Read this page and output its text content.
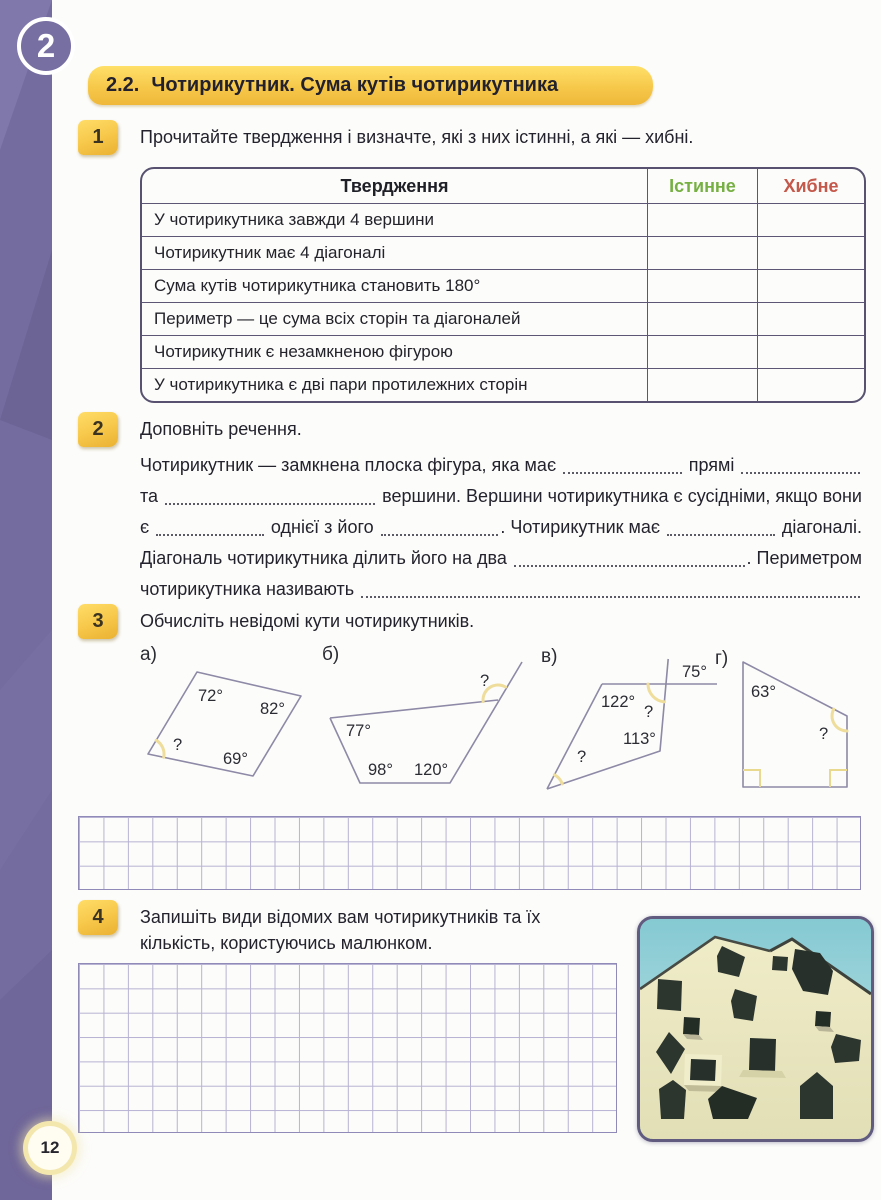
2
2.2. Чотирикутник. Сума кутів чотирикутника
1 Прочитайте твердження і визначте, які з них істинні, а які — хибні.
Твердження	Істинне	Хибне
У чотирикутника завжди 4 вершини		
Чотирикутник має 4 діагоналі		
Сума кутів чотирикутника становить 180°		
Периметр — це сума всіх сторін та діагоналей		
Чотирикутник є незамкненою фігурою		
У чотирикутника є дві пари протилежних сторін		
2 Доповніть речення.
Чотирикутник — замкнена плоска фігура, яка має	прямі
та	вершини. Вершини чотирикутника є сусідніми, якщо вони
є	однієї з його	. Чотирикутник має	діагоналі.
Діагональ чотирикутника ділить його на два	. Периметром
чотирикутника називають
3 Обчисліть невідомі кути чотирикутників.
а)
72°
82°
69°
?
б)
77°
98° 120°
?
в)
122°
?
113°
?
75°
г)
63°
?
4 Запишіть види відомих вам чотирикутників та їх
кількість, користуючись малюнком.
12
